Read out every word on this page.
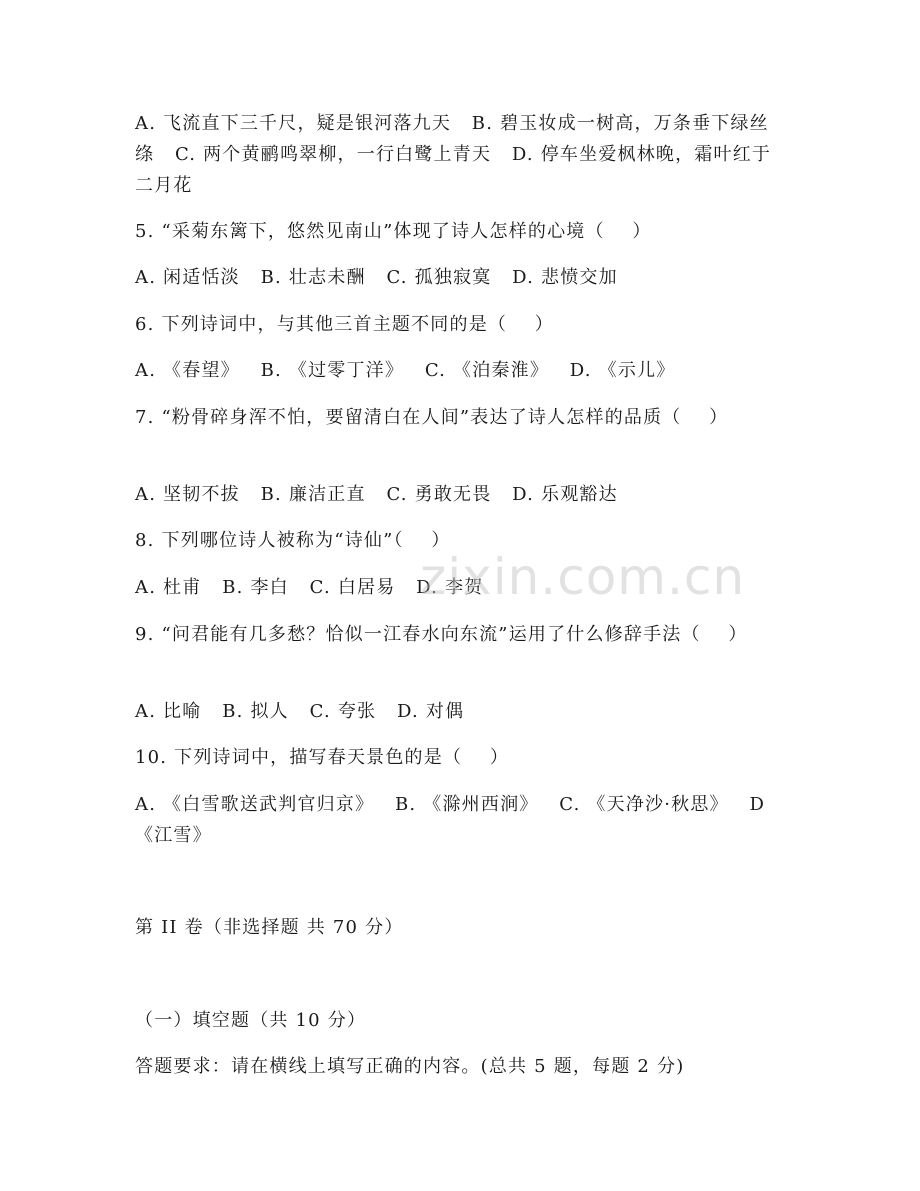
A. 飞流直下三千尺，疑是银河落九天   B. 碧玉妆成一树高，万条垂下绿丝绦   C. 两个黄鹂鸣翠柳，一行白鹭上青天   D. 停车坐爱枫林晚，霜叶红于二月花
5. “采菊东篱下，悠然见南山”体现了诗人怎样的心境（    ）
A. 闲适恬淡   B. 壮志未酬   C. 孤独寂寞   D. 悲愤交加
6. 下列诗词中，与其他三首主题不同的是（    ）
A. 《春望》   B. 《过零丁洋》   C. 《泊秦淮》   D. 《示儿》
7. “粉骨碎身浑不怕，要留清白在人间”表达了诗人怎样的品质（    ）
A. 坚韧不拔   B. 廉洁正直   C. 勇敢无畏   D. 乐观豁达
8. 下列哪位诗人被称为“诗仙”（    ）
A. 杜甫   B. 李白   C. 白居易   D. 李贺
9. “问君能有几多愁？恰似一江春水向东流”运用了什么修辞手法（    ）
A. 比喻   B. 拟人   C. 夸张   D. 对偶
10. 下列诗词中，描写春天景色的是（    ）
A. 《白雪歌送武判官归京》   B. 《滁州西涧》   C. 《天净沙·秋思》   D《江雪》
第 II 卷（非选择题 共 70 分）
（一）填空题（共 10 分）
答题要求：请在横线上填写正确的内容。(总共 5 题，每题 2 分)
zixin.com.cn
